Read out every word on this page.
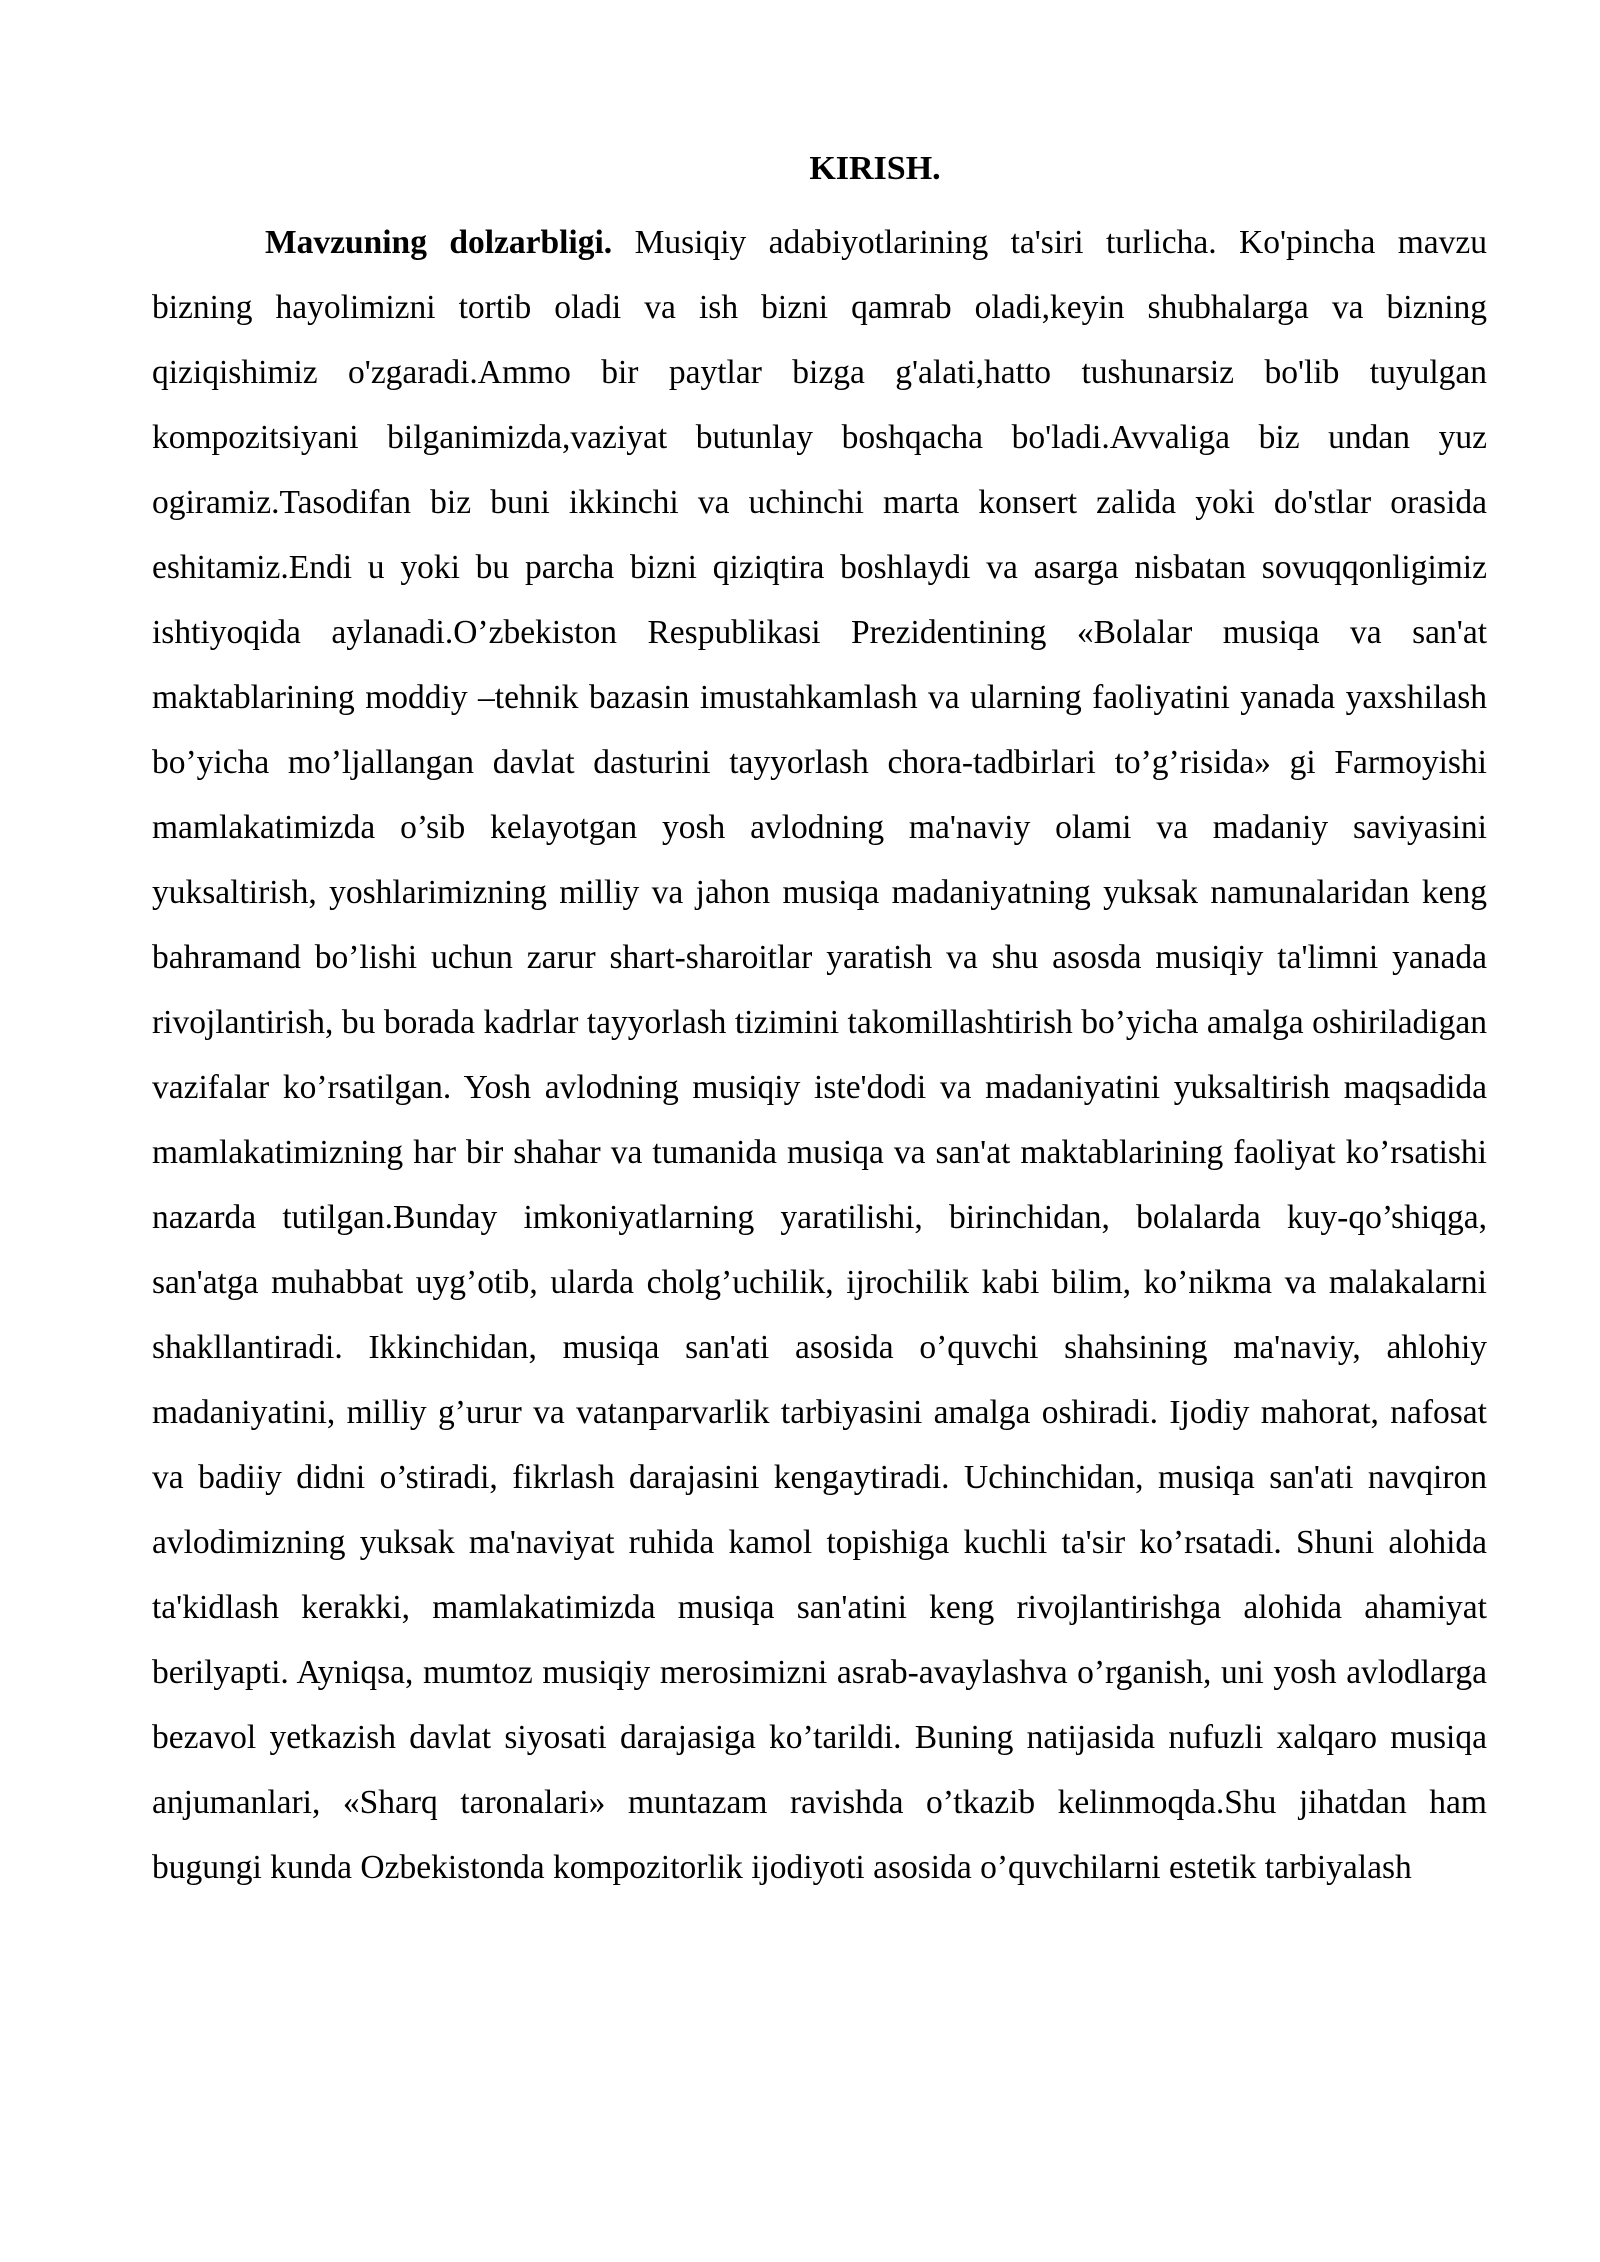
KIRISH.

Mavzuning dolzarbligi. Musiqiy adabiyotlarining ta'siri turlicha. Ko'pincha mavzu bizning hayolimizni tortib oladi va ish bizni qamrab oladi,keyin shubhalarga va bizning qiziqishimiz o'zgaradi.Ammo bir paytlar bizga g'alati,hatto tushunarsiz bo'lib tuyulgan kompozitsiyani bilganimizda,vaziyat butunlay boshqacha bo'ladi.Avvaliga biz undan yuz ogiramiz.Tasodifan biz buni ikkinchi va uchinchi marta konsert zalida yoki do'stlar orasida eshitamiz.Endi u yoki bu parcha bizni qiziqtira boshlaydi va asarga nisbatan sovuqqonligimiz ishtiyoqida aylanadi.O’zbekiston Respublikasi Prezidentining «Bolalar musiqa va san'at maktablarining moddiy –tehnik bazasin imustahkamlash va ularning faoliyatini yanada yaxshilash bo’yicha mo’ljallangan davlat dasturini tayyorlash chora-tadbirlari to’g’risida» gi Farmoyishi mamlakatimizda o’sib kelayotgan yosh avlodning ma'naviy olami va madaniy saviyasini yuksaltirish, yoshlarimizning milliy va jahon musiqa madaniyatning yuksak namunalaridan keng bahramand bo’lishi uchun zarur shart-sharoitlar yaratish va shu asosda musiqiy ta'limni yanada rivojlantirish, bu borada kadrlar tayyorlash tizimini takomillashtirish bo’yicha amalga oshiriladigan vazifalar ko’rsatilgan. Yosh avlodning musiqiy iste'dodi va madaniyatini yuksaltirish maqsadida mamlakatimizning har bir shahar va tumanida musiqa va san'at maktablarining faoliyat ko’rsatishi nazarda tutilgan.Bunday imkoniyatlarning yaratilishi, birinchidan, bolalarda kuy-qo’shiqga, san'atga muhabbat uyg’otib, ularda cholg’uchilik, ijrochilik kabi bilim, ko’nikma va malakalarni shakllantiradi. Ikkinchidan, musiqa san'ati asosida o’quvchi shahsining ma'naviy, ahlohiy madaniyatini, milliy g’urur va vatanparvarlik tarbiyasini amalga oshiradi. Ijodiy mahorat, nafosat va badiiy didni o’stiradi, fikrlash darajasini kengaytiradi. Uchinchidan, musiqa san'ati navqiron avlodimizning yuksak ma'naviyat ruhida kamol topishiga kuchli ta'sir ko’rsatadi. Shuni alohida ta'kidlash kerakki, mamlakatimizda musiqa san'atini keng rivojlantirishga alohida ahamiyat berilyapti. Ayniqsa, mumtoz musiqiy merosimizni asrab-avaylashva o’rganish, uni yosh avlodlarga bezavol yetkazish davlat siyosati darajasiga ko’tarildi. Buning natijasida nufuzli xalqaro musiqa anjumanlari, «Sharq taronalari» muntazam ravishda o’tkazib kelinmoqda.Shu jihatdan ham bugungi kunda Ozbekistonda kompozitorlik ijodiyoti asosida o’quvchilarni estetik tarbiyalash
